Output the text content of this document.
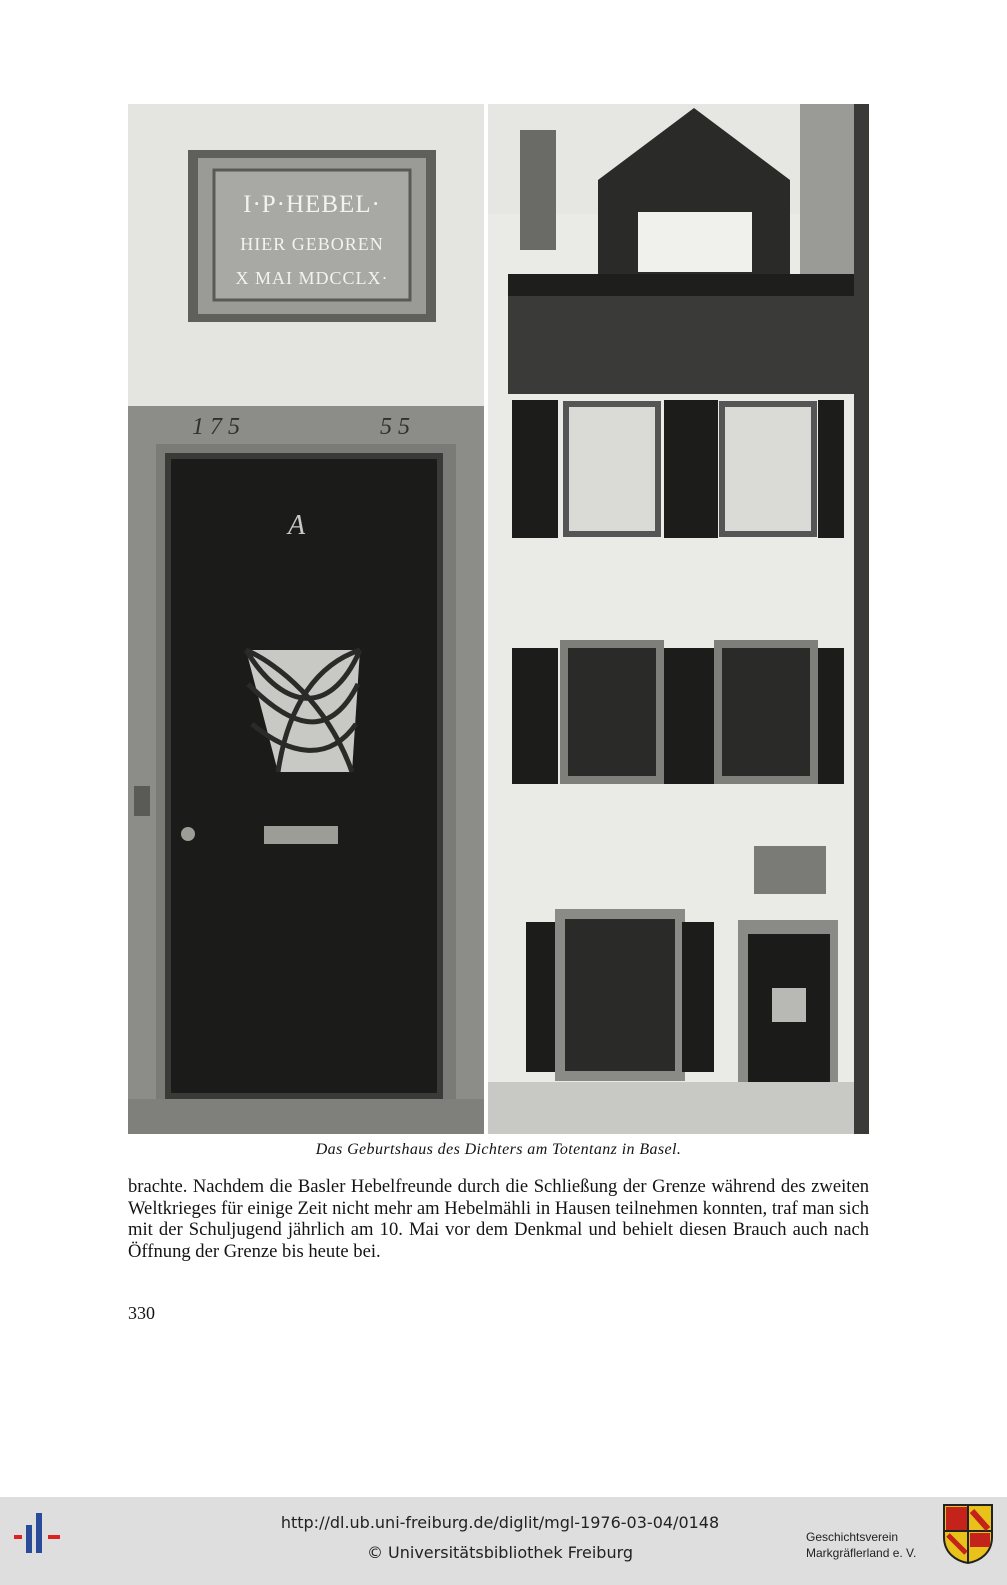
I·P·HEBEL·
HIER GEBOREN
X MAI MDCCLX·
1 7 5	5 5
A
Das Geburtshaus des Dichters am Totentanz in Basel.

brachte. Nachdem die Basler Hebelfreunde durch die Schließung der Grenze während des zweiten Weltkrieges für einige Zeit nicht mehr am Hebelmähli in Hausen teilnehmen konnten, traf man sich mit der Schuljugend jährlich am 10. Mai vor dem Denkmal und behielt diesen Brauch auch nach Öffnung der Grenze bis heute bei.

330
http://dl.ub.uni-freiburg.de/diglit/mgl-1976-03-04/0148
© Universitätsbibliothek Freiburg
Geschichtsverein
Markgräflerland e. V.
